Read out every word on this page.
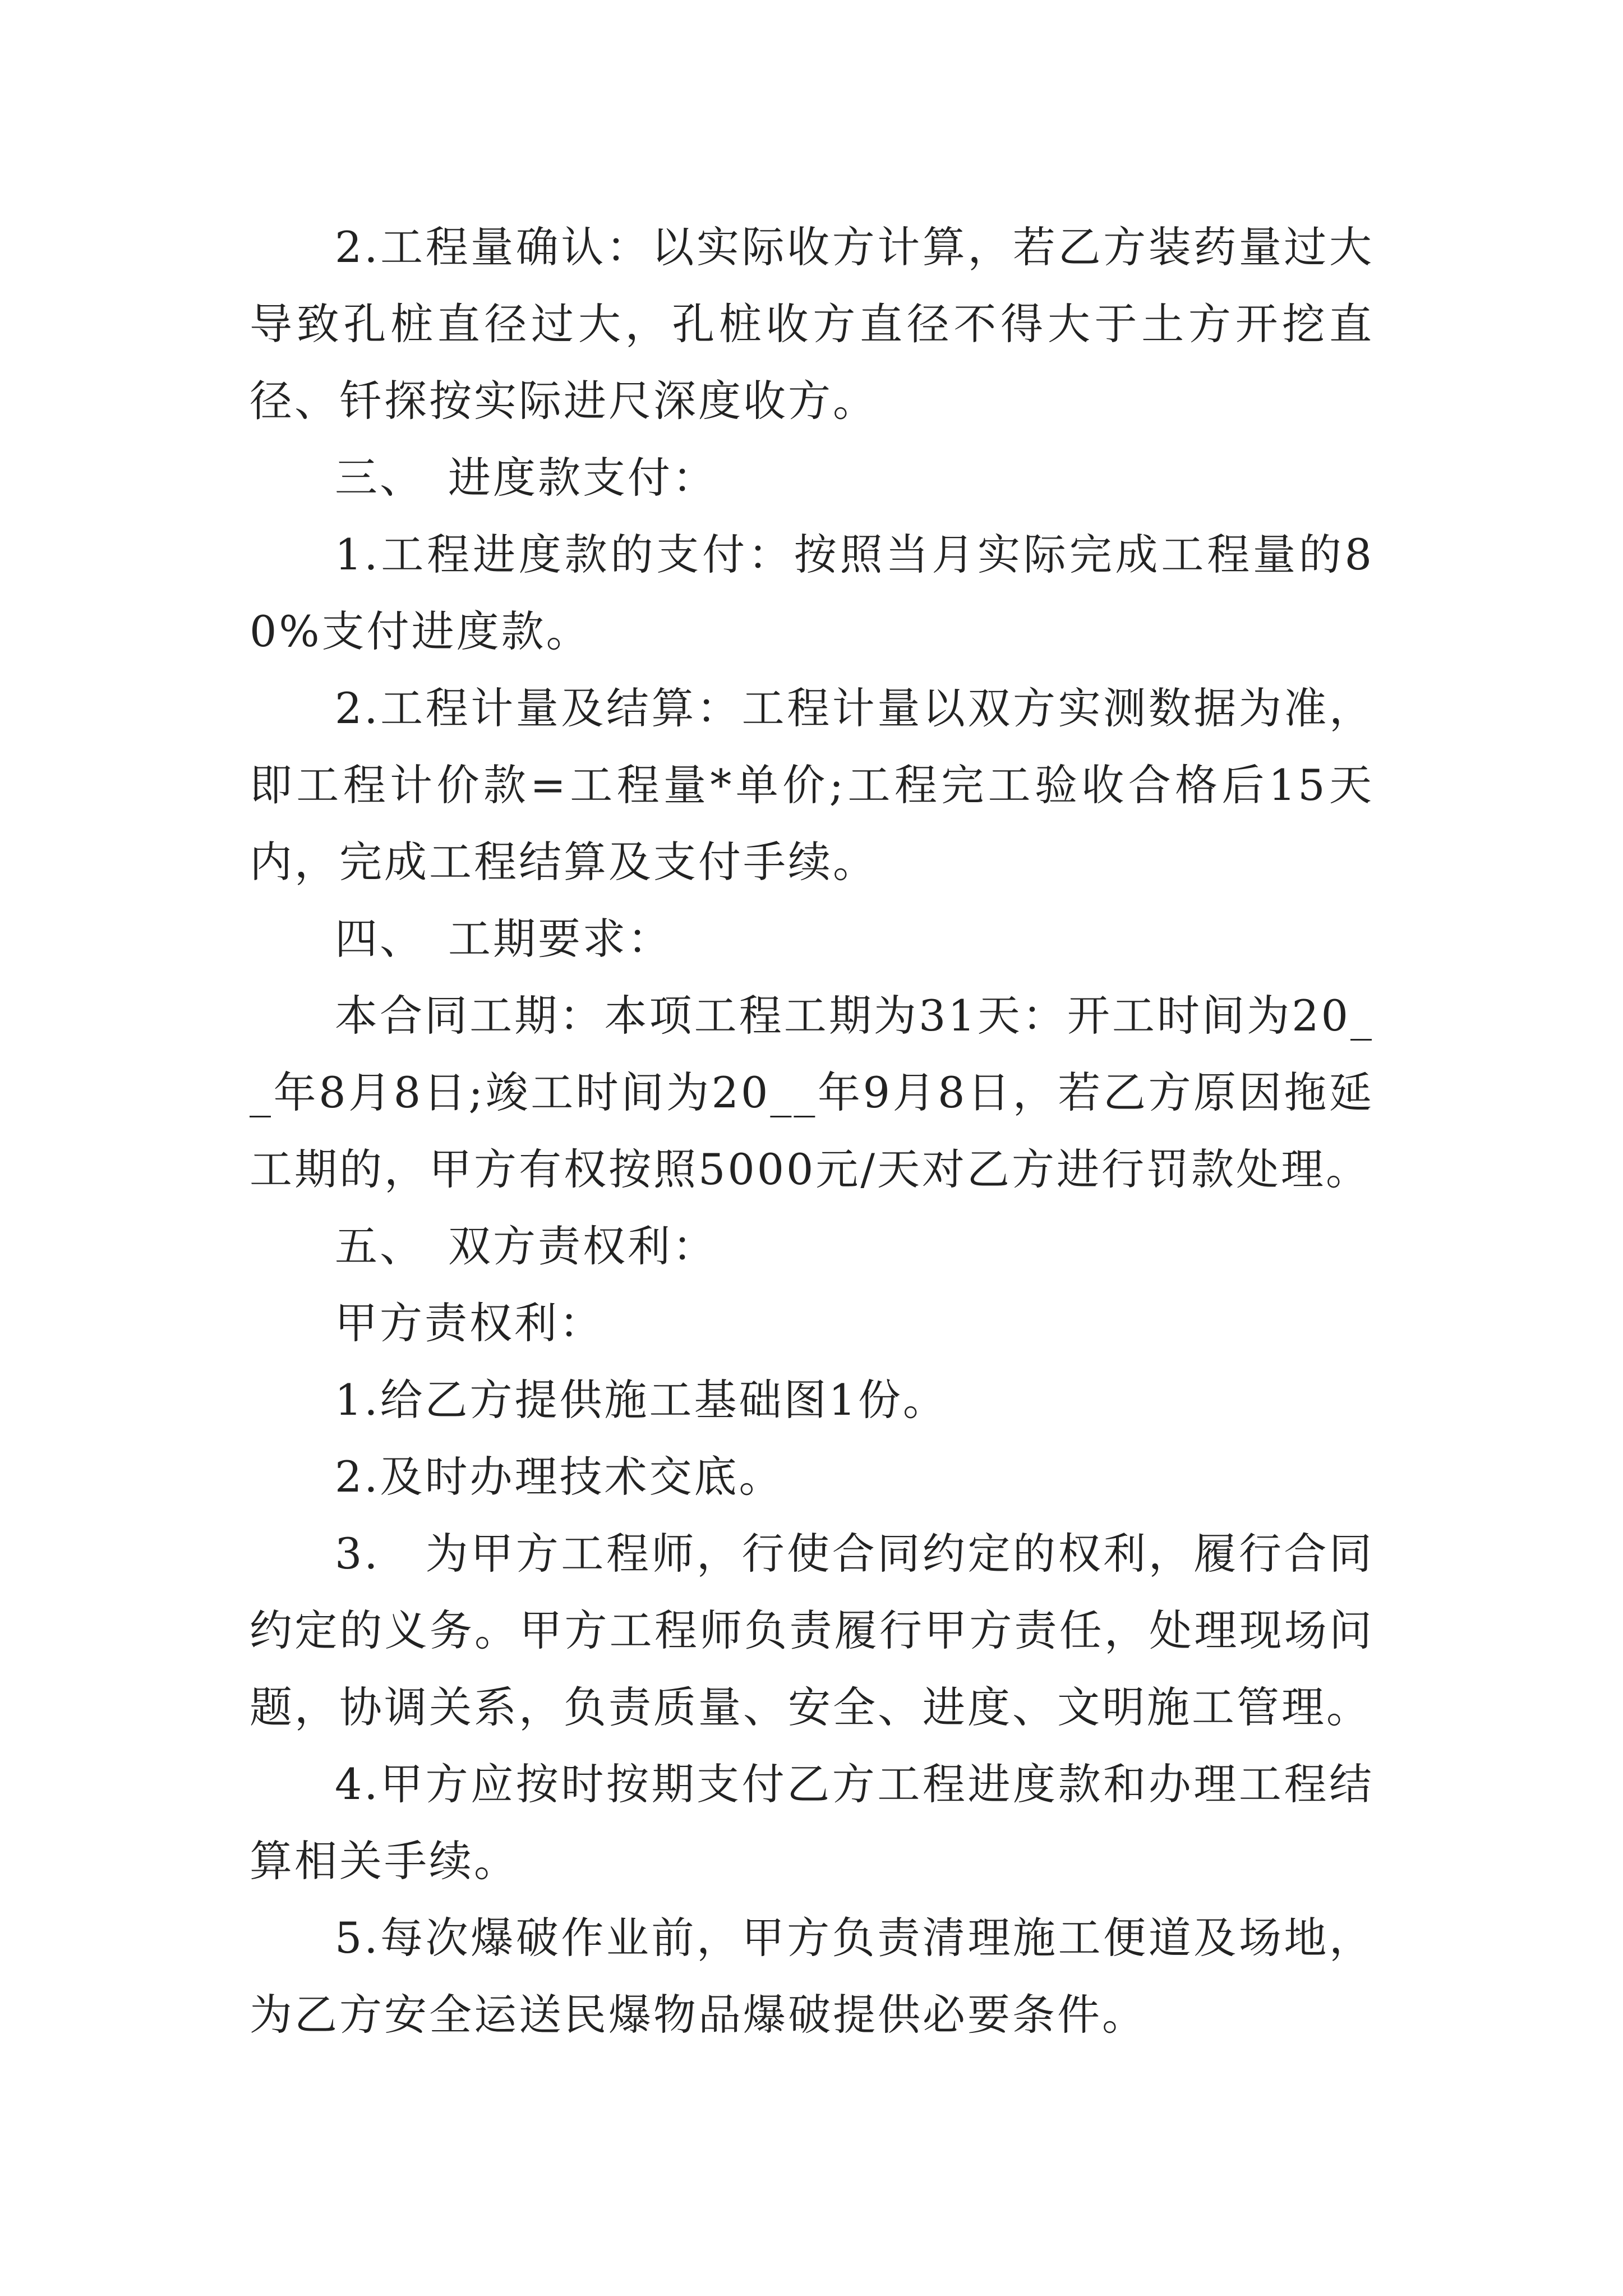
2.工程量确认：以实际收方计算，若乙方装药量过大导致孔桩直径过大，孔桩收方直径不得大于土方开挖直径、钎探按实际进尺深度收方。

三、　进度款支付：

1.工程进度款的支付：按照当月实际完成工程量的80%支付进度款。

2.工程计量及结算：工程计量以双方实测数据为准，即工程计价款=工程量*单价;工程完工验收合格后15天内，完成工程结算及支付手续。

四、　工期要求：

本合同工期：本项工程工期为31天：开工时间为20__年8月8日;竣工时间为20__年9月8日，若乙方原因拖延工期的，甲方有权按照5000元/天对乙方进行罚款处理。

五、　双方责权利：

甲方责权利：

1.给乙方提供施工基础图1份。

2.及时办理技术交底。

3.　为甲方工程师，行使合同约定的权利，履行合同约定的义务。甲方工程师负责履行甲方责任，处理现场问题，协调关系，负责质量、安全、进度、文明施工管理。

4.甲方应按时按期支付乙方工程进度款和办理工程结算相关手续。

5.每次爆破作业前，甲方负责清理施工便道及场地，为乙方安全运送民爆物品爆破提供必要条件。
